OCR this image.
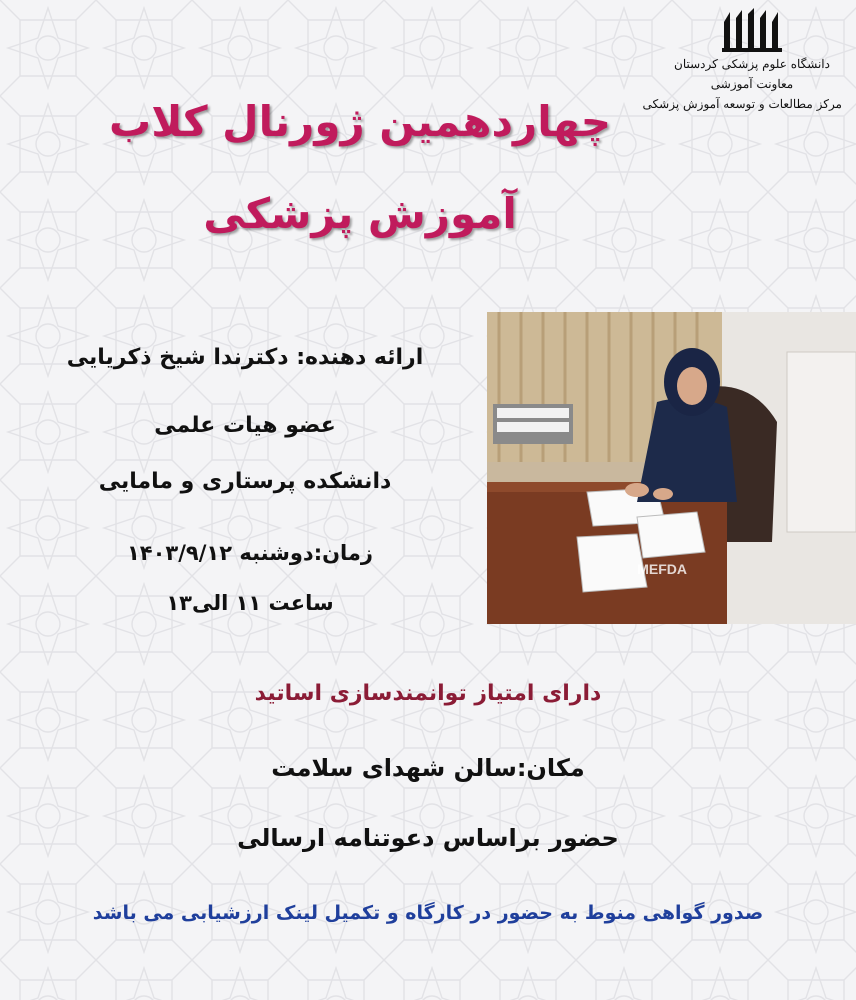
دانشگاه علوم پزشکی کردستان
معاونت آموزشی
مرکز مطالعات و توسعه آموزش پزشکی
چهاردهمین ژورنال کلاب
آموزش پزشکی
ارائه دهنده: دکترندا شیخ ذکریایی
عضو هیات علمی
دانشکده پرستاری و مامایی
زمان:دوشنبه ۱۴۰۳/۹/۱۲
ساعت ۱۱ الی۱۳
MEFDA
دارای امتیاز توانمندسازی اساتید
مکان:سالن شهدای سلامت
حضور براساس دعوتنامه ارسالی
صدور گواهی منوط به حضور در کارگاه و تکمیل لینک ارزشیابی می باشد
